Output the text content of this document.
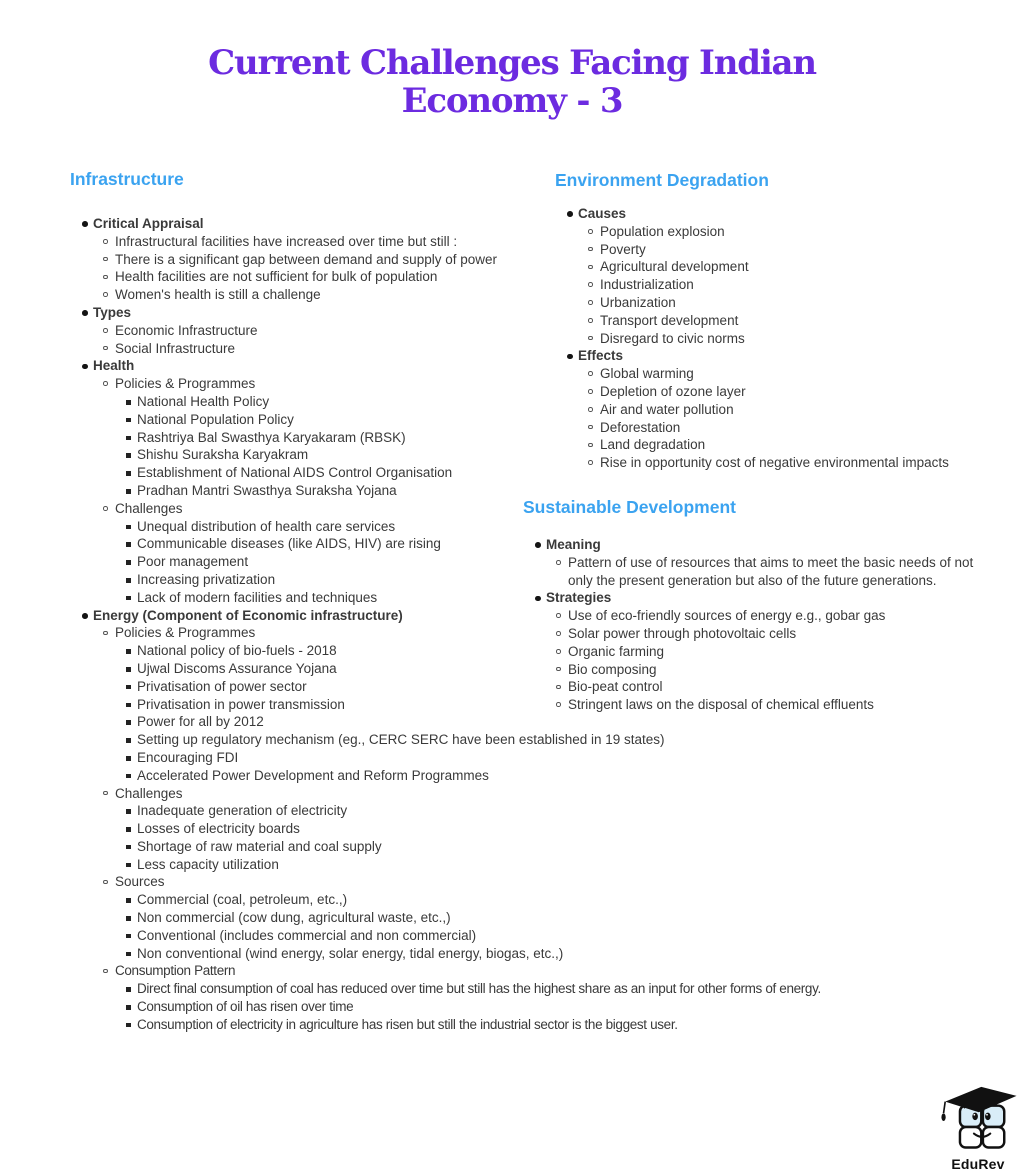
Current Challenges Facing Indian
Economy - 3
Infrastructure
Critical Appraisal
Infrastructural facilities have increased over time but still :
There is a significant gap between demand and supply of power
Health facilities are not sufficient for bulk of population
Women's health is still a challenge
Types
Economic Infrastructure
Social Infrastructure
Health
Policies & Programmes
National Health Policy
National Population Policy
Rashtriya Bal Swasthya Karyakaram (RBSK)
Shishu Suraksha Karyakram
Establishment of National AIDS Control Organisation
Pradhan Mantri Swasthya Suraksha Yojana
Challenges
Unequal distribution of health care services
Communicable diseases (like AIDS, HIV) are rising
Poor management
Increasing privatization
Lack of modern facilities and techniques
Energy (Component of Economic infrastructure)
Policies & Programmes
National policy of bio-fuels - 2018
Ujwal Discoms Assurance Yojana
Privatisation of power sector
Privatisation in power transmission
Power for all by 2012
Setting up regulatory mechanism (eg., CERC SERC have been established in 19 states)
Encouraging FDI
Accelerated Power Development and Reform Programmes
Challenges
Inadequate generation of electricity
Losses of electricity boards
Shortage of raw material and coal supply
Less capacity utilization
Sources
Commercial (coal, petroleum, etc.,)
Non commercial (cow dung, agricultural waste, etc.,)
Conventional (includes commercial and non commercial)
Non conventional (wind energy, solar energy, tidal energy, biogas, etc.,)
Consumption Pattern
Direct final consumption of coal has reduced over time but still has the highest share as an input for other forms of energy.
Consumption of oil has risen over time
Consumption of electricity in agriculture has risen but still the industrial sector is the biggest user.
Environment Degradation
Causes
Population explosion
Poverty
Agricultural development
Industrialization
Urbanization
Transport development
Disregard to civic norms
Effects
Global warming
Depletion of ozone layer
Air and water pollution
Deforestation
Land degradation
Rise in opportunity cost of negative environmental impacts
Sustainable Development
Meaning
Pattern of use of resources that aims to meet the basic needs of not only the present generation but also of the future generations.
Strategies
Use of eco-friendly sources of energy e.g., gobar gas
Solar power through photovoltaic cells
Organic farming
Bio composing
Bio-peat control
Stringent laws on the disposal of chemical effluents
EduRev
